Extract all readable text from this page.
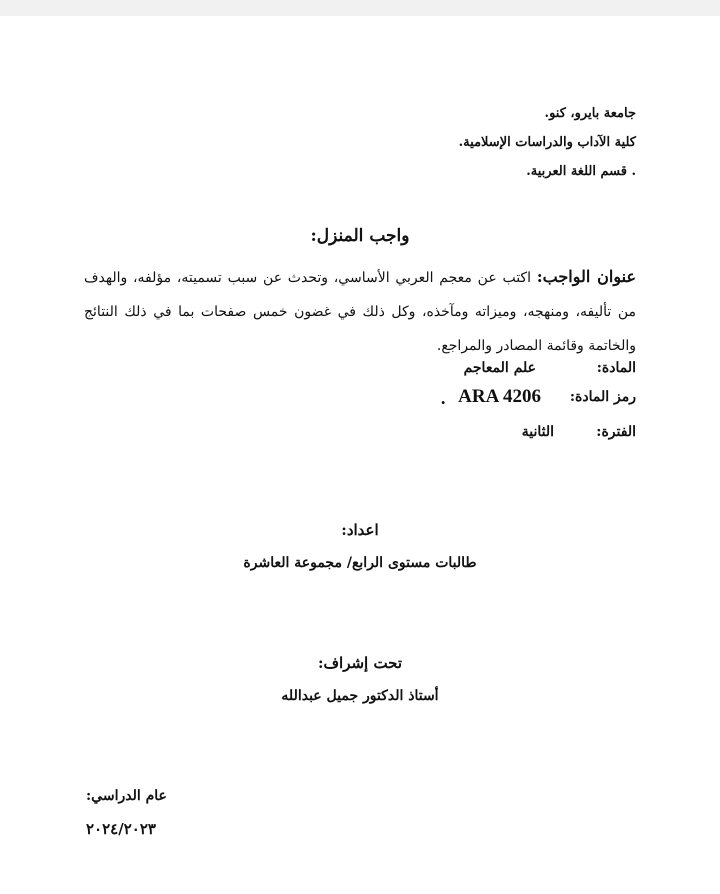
جامعة بايرو، كنو.
كلية الآداب والدراسات الإسلامية.
. قسم اللغة العربية.
واجب المنزل:
عنوان الواجب: اكتب عن معجم العربي الأساسي، وتحدث عن سبب تسميته، مؤلفه، والهدف من تأليفه، ومنهجه، وميزاته ومآخذه، وكل ذلك في غضون خمس صفحات بما في ذلك النتائج والخاتمة وقائمة المصادر والمراجع.
المادة:
علم المعاجم
رمز المادة:
ARA 4206
.
الفترة:
الثانية
اعداد:
طالبات مستوى الرابع/ مجموعة العاشرة
تحت إشراف:
أستاذ الدكتور جميل عبدالله
عام الدراسي:
٢٠٢٤/٢٠٢٣
